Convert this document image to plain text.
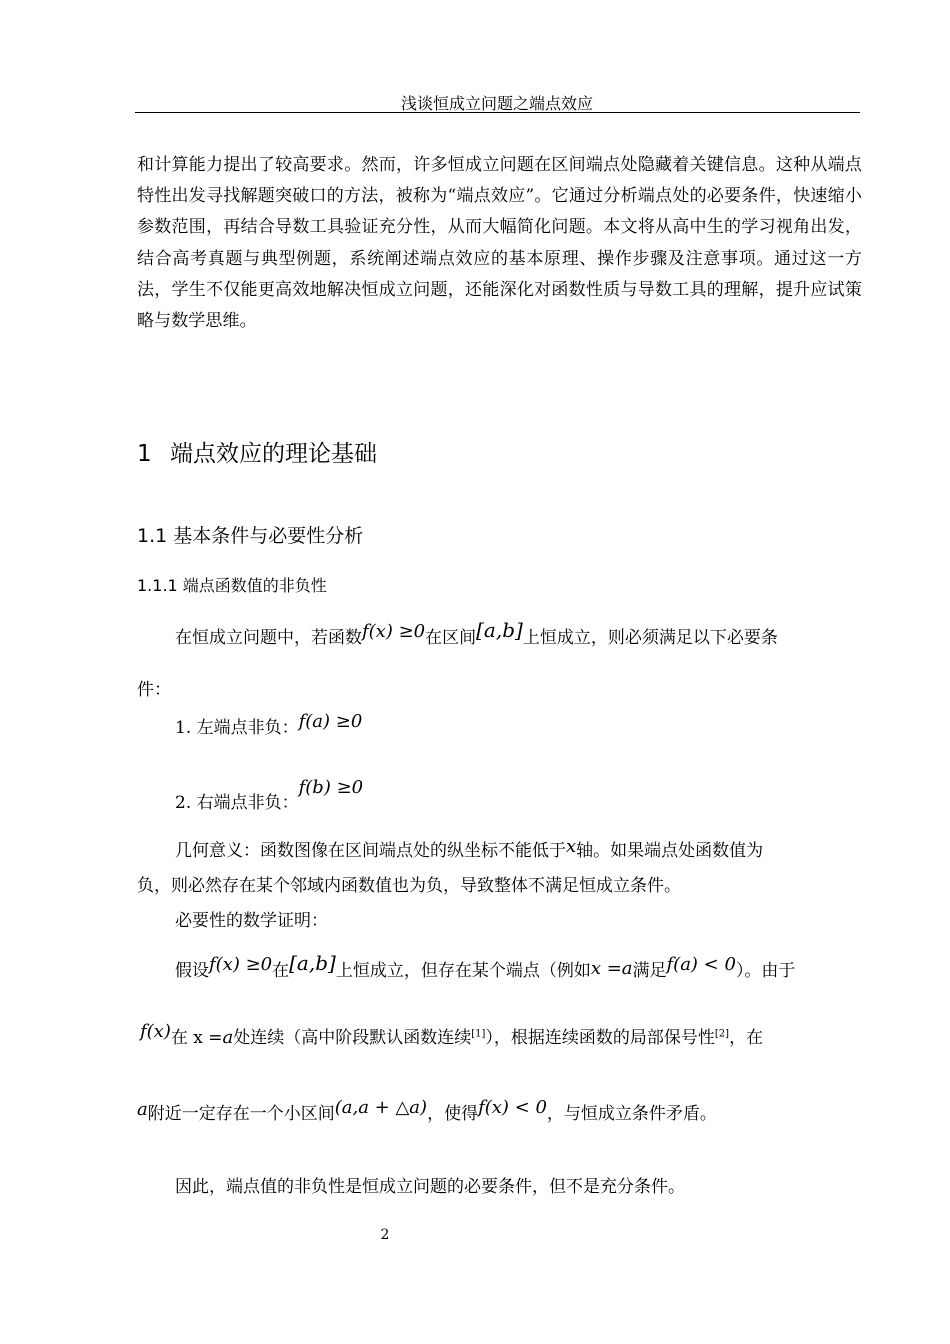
浅谈恒成立问题之端点效应

和计算能力提出了较高要求。然而，许多恒成立问题在区间端点处隐藏着关键信息。这种从端点特性出发寻找解题突破口的方法，被称为“端点效应”。它通过分析端点处的必要条件，快速缩小参数范围，再结合导数工具验证充分性，从而大幅简化问题。本文将从高中生的学习视角出发，结合高考真题与典型例题，系统阐述端点效应的基本原理、操作步骤及注意事项。通过这一方法，学生不仅能更高效地解决恒成立问题，还能深化对函数性质与导数工具的理解，提升应试策略与数学思维。

1 端点效应的理论基础
1.1 基本条件与必要性分析
1.1.1 端点函数值的非负性
在恒成立问题中，若函数f(x) ≥0在区间[a,b]上恒成立，则必须满足以下必要条
件：
1. 左端点非负：f(a) ≥0
2. 右端点非负：f(b) ≥0
几何意义：函数图像在区间端点处的纵坐标不能低于x轴。如果端点处函数值为
负，则必然存在某个邻域内函数值也为负，导致整体不满足恒成立条件。
必要性的数学证明：
假设f(x) ≥0在[a,b]上恒成立，但存在某个端点（例如x =a满足f(a) < 0）。由于
f(x)在 x =a处连续（高中阶段默认函数连续[1]），根据连续函数的局部保号性[2]，在
a附近一定存在一个小区间(a,a + △a)，使得f(x) < 0，与恒成立条件矛盾。
因此，端点值的非负性是恒成立问题的必要条件，但不是充分条件。
2
